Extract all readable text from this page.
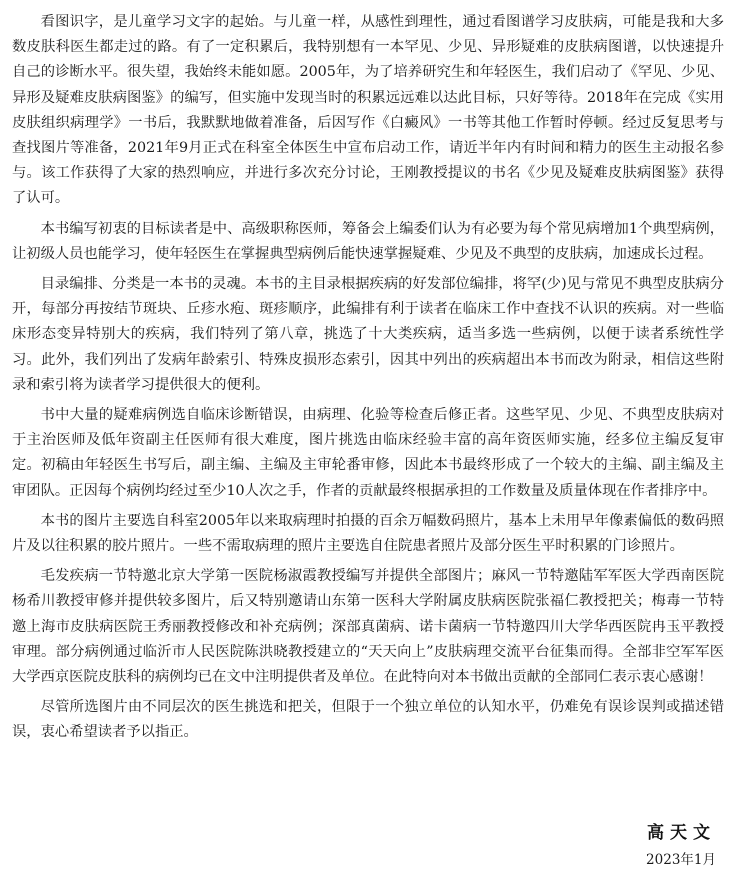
看图识字，是儿童学习文字的起始。与儿童一样，从感性到理性，通过看图谱学习皮肤病，可能是我和大多数皮肤科医生都走过的路。有了一定积累后，我特别想有一本罕见、少见、异形疑难的皮肤病图谱，以快速提升自己的诊断水平。很失望，我始终未能如愿。2005年，为了培养研究生和年轻医生，我们启动了《罕见、少见、异形及疑难皮肤病图鉴》的编写，但实施中发现当时的积累远远难以达此目标，只好等待。2018年在完成《实用皮肤组织病理学》一书后，我默默地做着准备，后因写作《白癜风》一书等其他工作暂时停顿。经过反复思考与查找图片等准备，2021年9月正式在科室全体医生中宣布启动工作，请近半年内有时间和精力的医生主动报名参与。该工作获得了大家的热烈响应，并进行多次充分讨论，王刚教授提议的书名《少见及疑难皮肤病图鉴》获得了认可。

本书编写初衷的目标读者是中、高级职称医师，筹备会上编委们认为有必要为每个常见病增加1个典型病例，让初级人员也能学习，使年轻医生在掌握典型病例后能快速掌握疑难、少见及不典型的皮肤病，加速成长过程。

目录编排、分类是一本书的灵魂。本书的主目录根据疾病的好发部位编排，将罕(少)见与常见不典型皮肤病分开，每部分再按结节斑块、丘疹水疱、斑疹顺序，此编排有利于读者在临床工作中查找不认识的疾病。对一些临床形态变异特别大的疾病，我们特列了第八章，挑选了十大类疾病，适当多选一些病例，以便于读者系统性学习。此外，我们列出了发病年龄索引、特殊皮损形态索引，因其中列出的疾病超出本书而改为附录，相信这些附录和索引将为读者学习提供很大的便利。

书中大量的疑难病例选自临床诊断错误，由病理、化验等检查后修正者。这些罕见、少见、不典型皮肤病对于主治医师及低年资副主任医师有很大难度，图片挑选由临床经验丰富的高年资医师实施，经多位主编反复审定。初稿由年轻医生书写后，副主编、主编及主审轮番审修，因此本书最终形成了一个较大的主编、副主编及主审团队。正因每个病例均经过至少10人次之手，作者的贡献最终根据承担的工作数量及质量体现在作者排序中。

本书的图片主要选自科室2005年以来取病理时拍摄的百余万幅数码照片，基本上未用早年像素偏低的数码照片及以往积累的胶片照片。一些不需取病理的照片主要选自住院患者照片及部分医生平时积累的门诊照片。

毛发疾病一节特邀北京大学第一医院杨淑霞教授编写并提供全部图片；麻风一节特邀陆军军医大学西南医院杨希川教授审修并提供较多图片，后又特别邀请山东第一医科大学附属皮肤病医院张福仁教授把关；梅毒一节特邀上海市皮肤病医院王秀丽教授修改和补充病例；深部真菌病、诺卡菌病一节特邀四川大学华西医院冉玉平教授审理。部分病例通过临沂市人民医院陈洪晓教授建立的“天天向上”皮肤病理交流平台征集而得。全部非空军军医大学西京医院皮肤科的病例均已在文中注明提供者及单位。在此特向对本书做出贡献的全部同仁表示衷心感谢！

尽管所选图片由不同层次的医生挑选和把关，但限于一个独立单位的认知水平，仍难免有误诊误判或描述错误，衷心希望读者予以指正。

高天文
2023年1月
